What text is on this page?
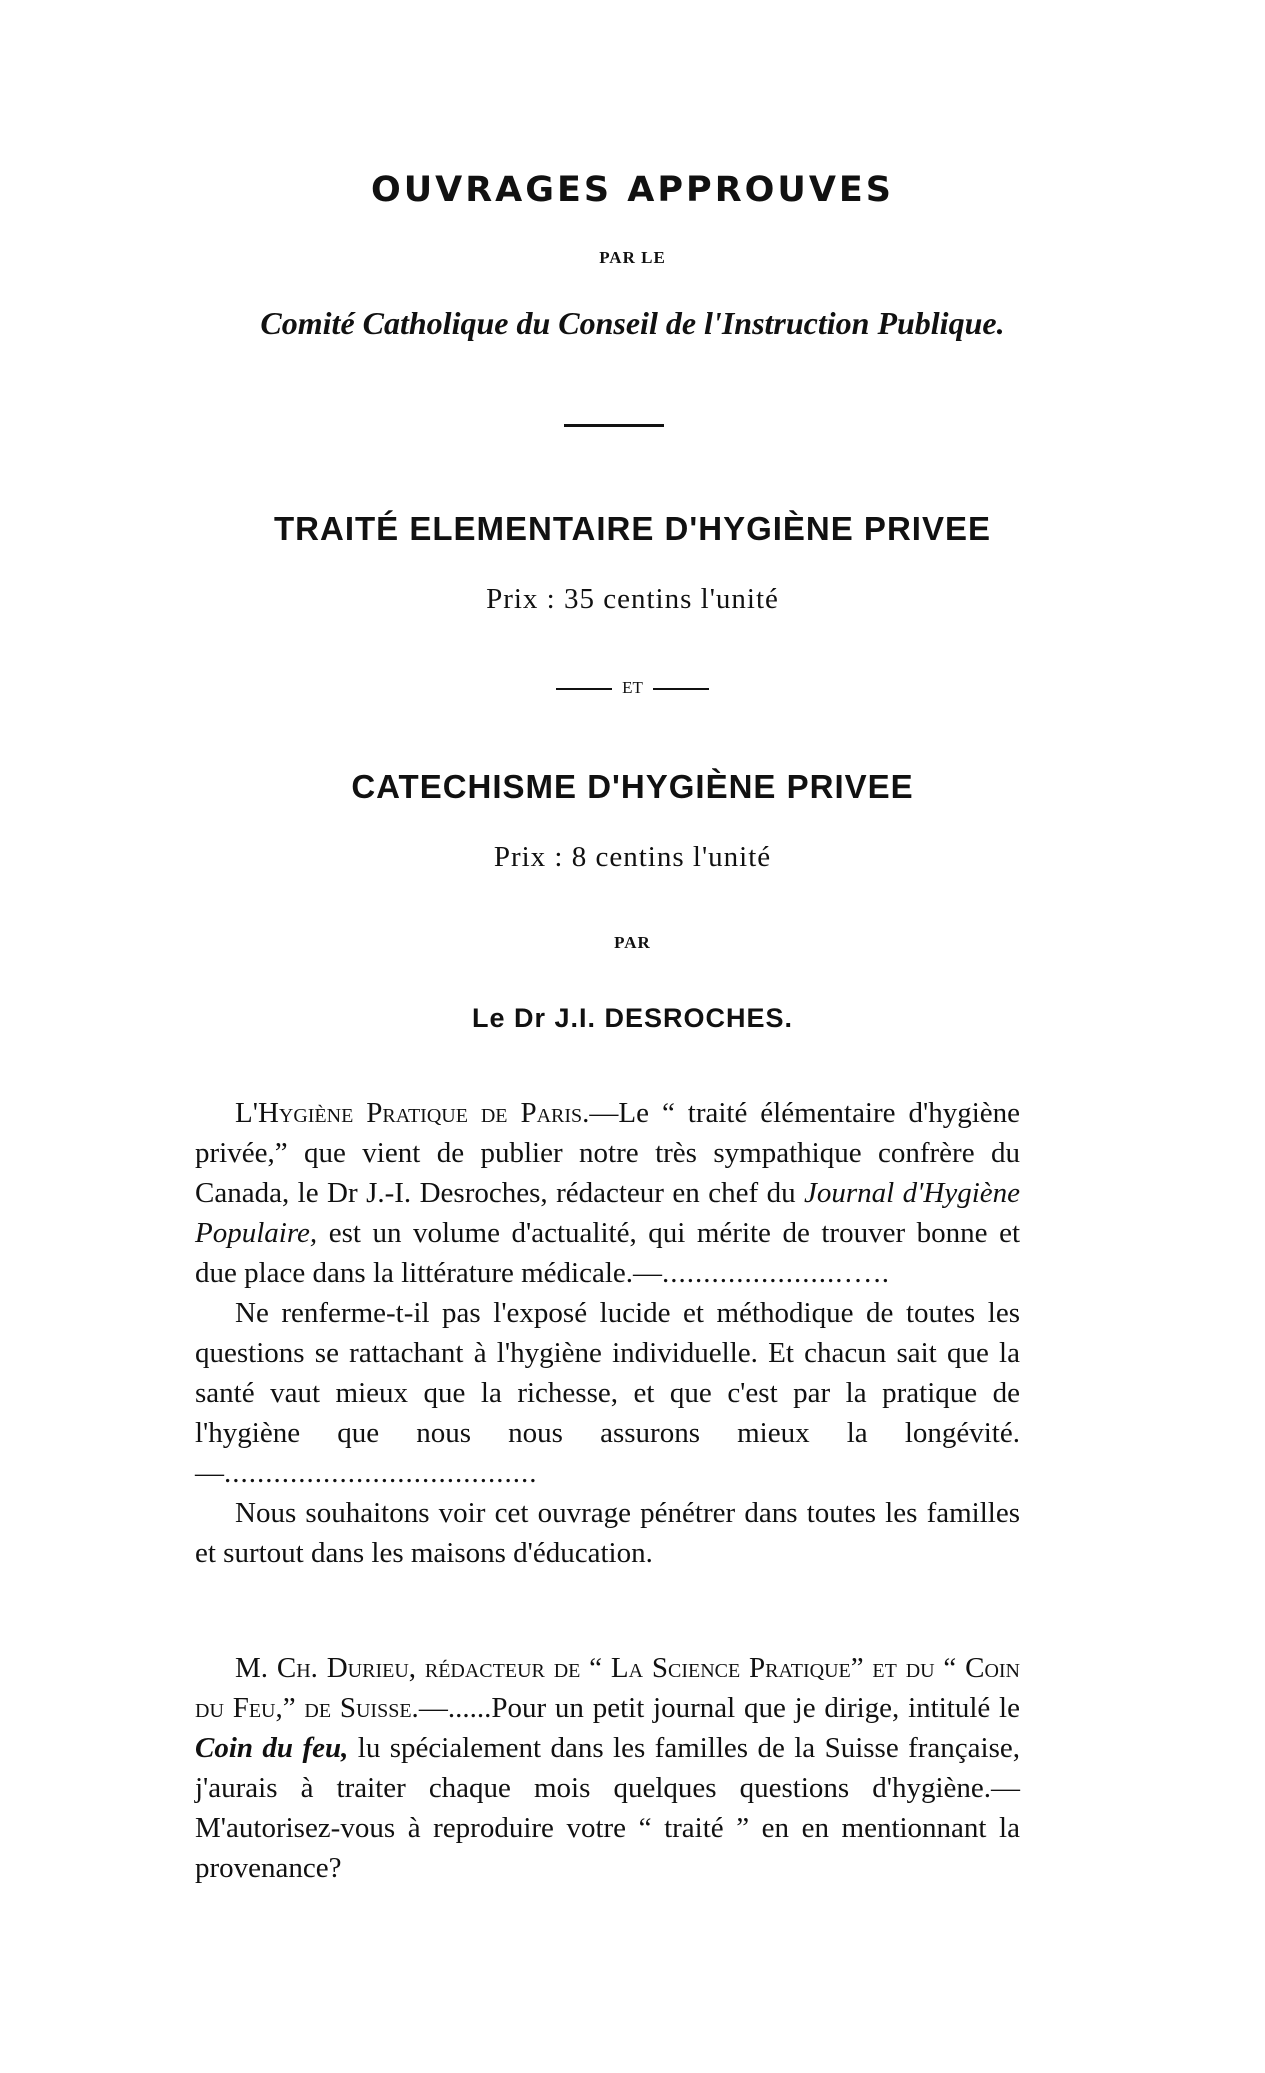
OUVRAGES APPROUVES
PAR LE
Comité Catholique du Conseil de l'Instruction Publique.
TRAITÉ ELEMENTAIRE D'HYGIÈNE PRIVEE
Prix : 35 centins l'unité
ET
CATECHISME D'HYGIÈNE PRIVEE
Prix : 8 centins l'unité
PAR
Le Dr J.I. DESROCHES.

L'Hygiène Pratique de Paris.—Le “ traité élémentaire d'hygiène privée,” que vient de publier notre très sympathique confrère du Canada, le Dr J.-I. Desroches, rédacteur en chef du Journal d'Hygiène Populaire, est un volume d'actualité, qui mérite de trouver bonne et due place dans la littérature médicale.—......................…..

Ne renferme-t-il pas l'exposé lucide et méthodique de toutes les questions se rattachant à l'hygiène individuelle. Et chacun sait que la santé vaut mieux que la richesse, et que c'est par la pratique de l'hygiène que nous nous assurons mieux la longévité.—......................................

Nous souhaitons voir cet ouvrage pénétrer dans toutes les familles et surtout dans les maisons d'éducation.

M. Ch. Durieu, rédacteur de “ La Science Pratique” et du “ Coin du Feu,” de Suisse.—......Pour un petit journal que je dirige, intitulé le Coin du feu, lu spécialement dans les familles de la Suisse française, j'aurais à traiter chaque mois quelques questions d'hygiène.— M'autorisez-vous à reproduire votre “ traité ” en en mentionnant la provenance?
